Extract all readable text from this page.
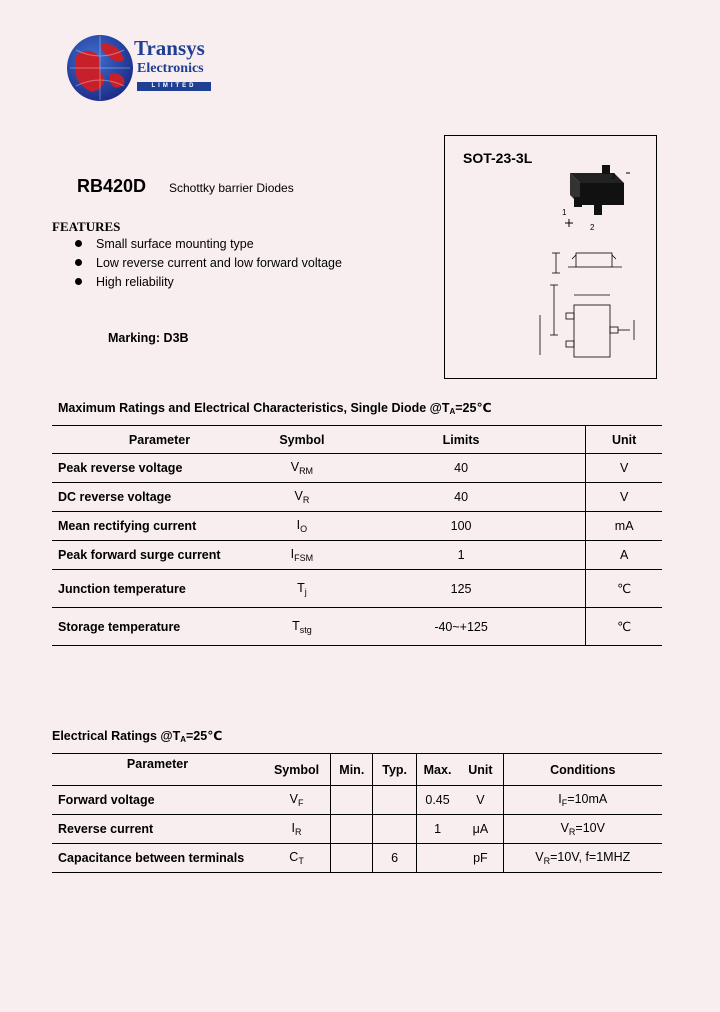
Transys
Electronics
LIMITED
RB420D Schottky barrier Diodes
FEATURES
Small surface mounting type
Low reverse current and low forward voltage
High reliability
Marking: D3B
SOT-23-3L
3
1
2
Maximum Ratings and Electrical Characteristics, Single Diode $@T_A=25℃$
Parameter	Symbol	Limits	Unit
Peak reverse voltage	$V_{RM}$	40	V
DC reverse voltage	$V_R$	40	V
Mean rectifying current	$I_O$	100	mA
Peak forward surge current	$I_{FSM}$	1	A
Junction temperature	$T_j$	125	℃
Storage temperature	$T_{stg}$	-40~+125	℃
Electrical Ratings $@T_A=25℃$
Parameter	Symbol	Min.	Typ.	Max.	Unit	Conditions
Forward voltage	$V_F$			0.45	V	$I_F=10mA$
Reverse current	$I_R$			1	μA	$V_R=10V$
Capacitance between terminals	$C_T$		6		pF	$V_R=10V$, f=1MHZ
